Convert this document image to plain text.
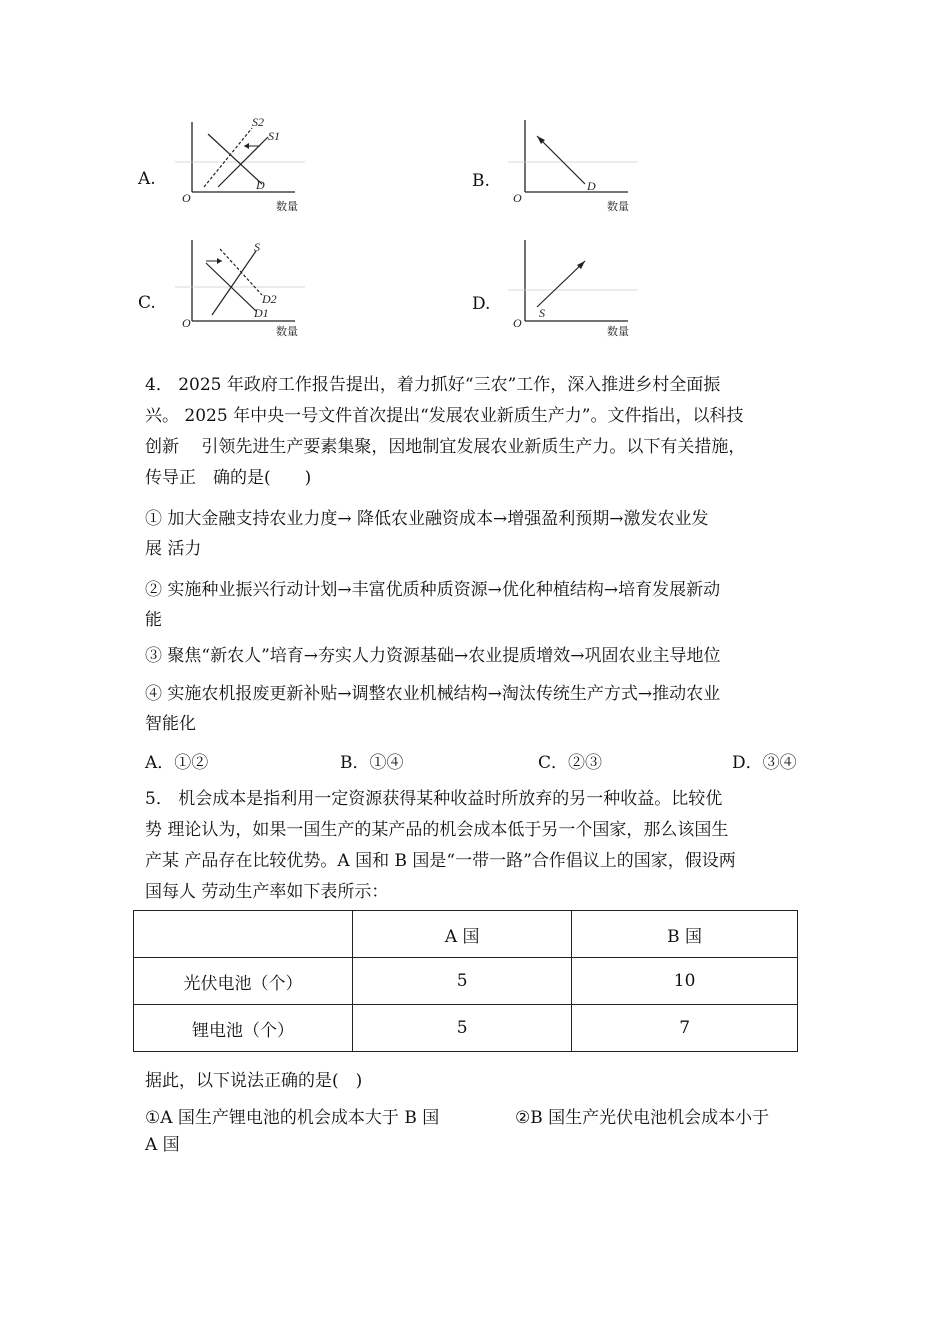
A.
S2
S1
D
O
数量
B.	D
O
数量
C.
S
D2
D1
O
数量
D.	S
O
数量
4． 2025 年政府工作报告提出，着力抓好“三农”工作，深入推进乡村全面振
兴。 2025 年中央一号文件首次提出“发展农业新质生产力”。文件指出，以科技
创新　 引领先进生产要素集聚，因地制宜发展农业新质生产力。以下有关措施，
传导正　确的是(　　)
① 加大金融支持农业力度→ 降低农业融资成本→增强盈利预期→激发农业发
展 活力
② 实施种业振兴行动计划→丰富优质种质资源→优化种植结构→培育发展新动
能
③ 聚焦“新农人”培育→夯实人力资源基础→农业提质增效→巩固农业主导地位
④ 实施农机报废更新补贴→调整农业机械结构→淘汰传统生产方式→推动农业
智能化
A．①②	B．①④	C．②③	D．③④
5． 机会成本是指利用一定资源获得某种收益时所放弃的另一种收益。比较优
势 理论认为，如果一国生产的某产品的机会成本低于另一个国家，那么该国生
产某 产品存在比较优势。A 国和 B 国是“一带一路”合作倡议上的国家，假设两
国每人 劳动生产率如下表所示：
	A 国	B 国
光伏电池（个）	5	10
锂电池（个）	5	7
据此，以下说法正确的是(　)
①A 国生产锂电池的机会成本大于 B 国	②B 国生产光伏电池机会成本小于
A 国
